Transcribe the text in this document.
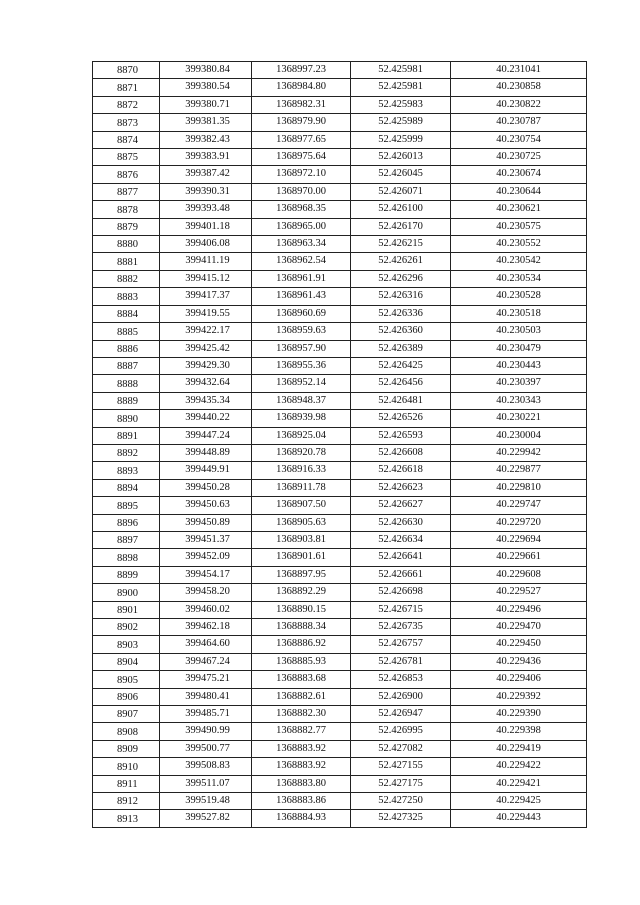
8870	399380.84	1368997.23	52.425981	40.231041
8871	399380.54	1368984.80	52.425981	40.230858
8872	399380.71	1368982.31	52.425983	40.230822
8873	399381.35	1368979.90	52.425989	40.230787
8874	399382.43	1368977.65	52.425999	40.230754
8875	399383.91	1368975.64	52.426013	40.230725
8876	399387.42	1368972.10	52.426045	40.230674
8877	399390.31	1368970.00	52.426071	40.230644
8878	399393.48	1368968.35	52.426100	40.230621
8879	399401.18	1368965.00	52.426170	40.230575
8880	399406.08	1368963.34	52.426215	40.230552
8881	399411.19	1368962.54	52.426261	40.230542
8882	399415.12	1368961.91	52.426296	40.230534
8883	399417.37	1368961.43	52.426316	40.230528
8884	399419.55	1368960.69	52.426336	40.230518
8885	399422.17	1368959.63	52.426360	40.230503
8886	399425.42	1368957.90	52.426389	40.230479
8887	399429.30	1368955.36	52.426425	40.230443
8888	399432.64	1368952.14	52.426456	40.230397
8889	399435.34	1368948.37	52.426481	40.230343
8890	399440.22	1368939.98	52.426526	40.230221
8891	399447.24	1368925.04	52.426593	40.230004
8892	399448.89	1368920.78	52.426608	40.229942
8893	399449.91	1368916.33	52.426618	40.229877
8894	399450.28	1368911.78	52.426623	40.229810
8895	399450.63	1368907.50	52.426627	40.229747
8896	399450.89	1368905.63	52.426630	40.229720
8897	399451.37	1368903.81	52.426634	40.229694
8898	399452.09	1368901.61	52.426641	40.229661
8899	399454.17	1368897.95	52.426661	40.229608
8900	399458.20	1368892.29	52.426698	40.229527
8901	399460.02	1368890.15	52.426715	40.229496
8902	399462.18	1368888.34	52.426735	40.229470
8903	399464.60	1368886.92	52.426757	40.229450
8904	399467.24	1368885.93	52.426781	40.229436
8905	399475.21	1368883.68	52.426853	40.229406
8906	399480.41	1368882.61	52.426900	40.229392
8907	399485.71	1368882.30	52.426947	40.229390
8908	399490.99	1368882.77	52.426995	40.229398
8909	399500.77	1368883.92	52.427082	40.229419
8910	399508.83	1368883.92	52.427155	40.229422
8911	399511.07	1368883.80	52.427175	40.229421
8912	399519.48	1368883.86	52.427250	40.229425
8913	399527.82	1368884.93	52.427325	40.229443
